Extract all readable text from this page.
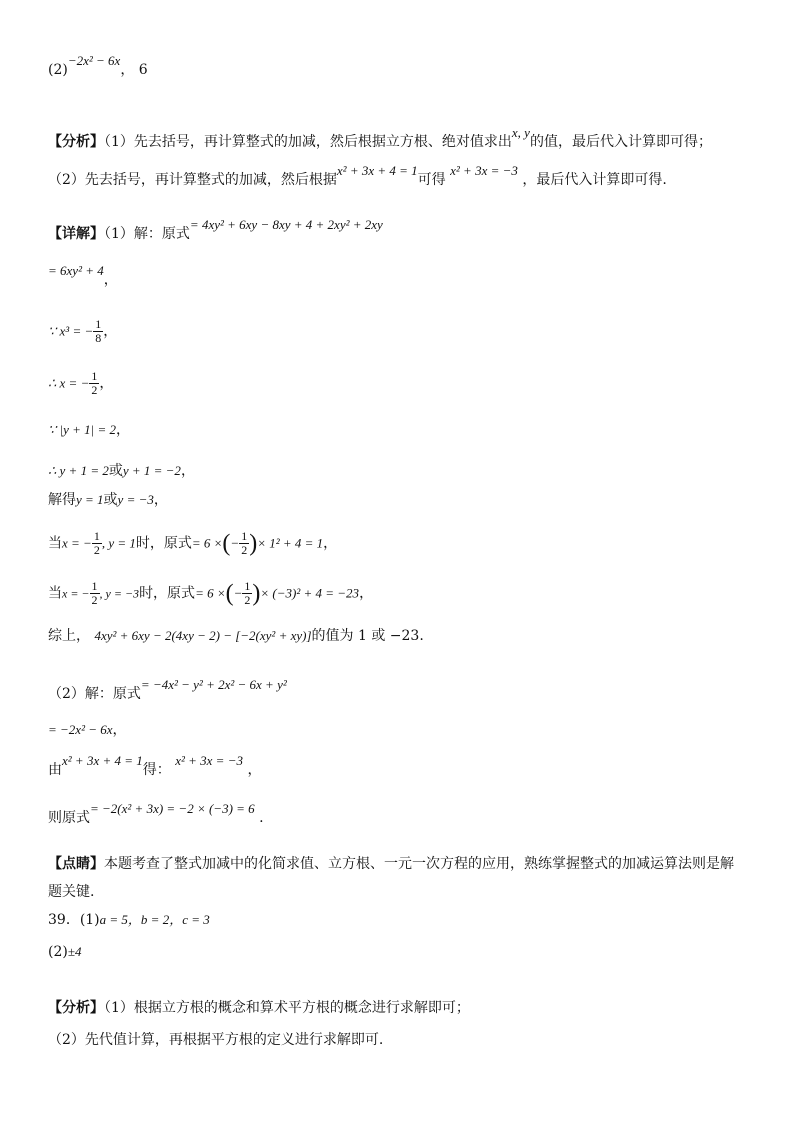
(2)−2x² − 6x， 6
【分析】（1）先去括号，再计算整式的加减，然后根据立方根、绝对值求出x, y的值，最后代入计算即可得；
（2）先去括号，再计算整式的加减，然后根据x² + 3x + 4 = 1可得 x² + 3x = −3 ，最后代入计算即可得.
【详解】（1）解：原式= 4xy² + 6xy − 8xy + 4 + 2xy² + 2xy
= 6xy² + 4，
∵ x³ = − $\frac{1}{8}$ ，
∴ x = − $\frac{1}{2}$ ，
∵ |y + 1| = 2，
∴ y + 1 = 2或y + 1 = −2，
解得y = 1或y = −3，
当x = − $\frac{1}{2}$ , y = 1时，原式= 6 ×(− $\frac{1}{2}$ )× 1² + 4 = 1，
当x = − $\frac{1}{2}$ , y = −3时，原式= 6 ×(− $\frac{1}{2}$ )× (−3)² + 4 = −23，
综上， 4xy² + 6xy − 2(4xy − 2) − [−2(xy² + xy)]的值为 1 或 −23.
（2）解：原式= −4x² − y² + 2x² − 6x + y²
= −2x² − 6x，
由x² + 3x + 4 = 1得： x² + 3x = −3 ，
则原式= −2(x² + 3x) = −2 × (−3) = 6 .
【点睛】本题考查了整式加减中的化简求值、立方根、一元一次方程的应用，熟练掌握整式的加减运算法则是解
题关键.
39．(1)a = 5，b = 2，c = 3
(2)±4
【分析】（1）根据立方根的概念和算术平方根的概念进行求解即可；
（2）先代值计算，再根据平方根的定义进行求解即可.
